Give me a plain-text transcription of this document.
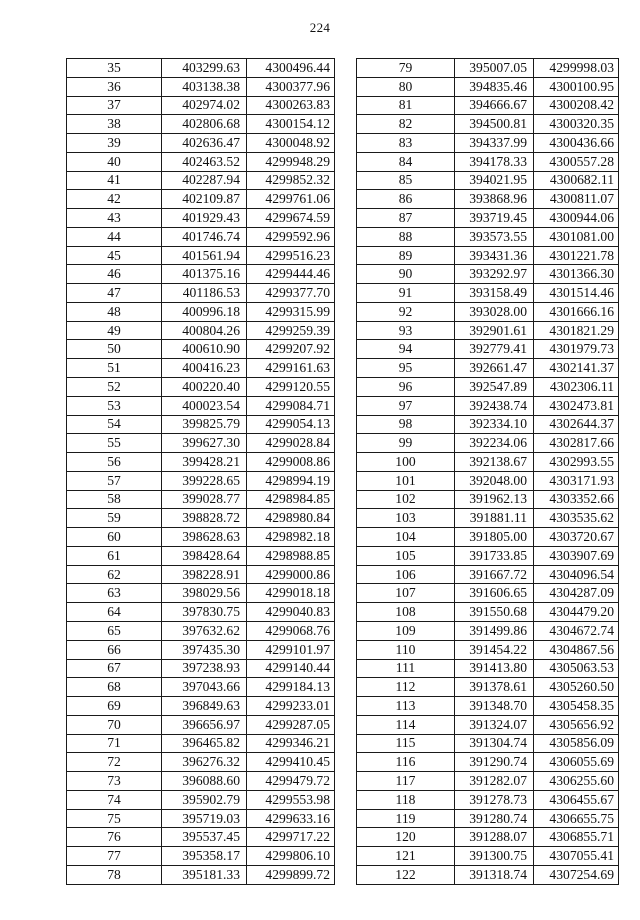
224
35	403299.63	4300496.44
36	403138.38	4300377.96
37	402974.02	4300263.83
38	402806.68	4300154.12
39	402636.47	4300048.92
40	402463.52	4299948.29
41	402287.94	4299852.32
42	402109.87	4299761.06
43	401929.43	4299674.59
44	401746.74	4299592.96
45	401561.94	4299516.23
46	401375.16	4299444.46
47	401186.53	4299377.70
48	400996.18	4299315.99
49	400804.26	4299259.39
50	400610.90	4299207.92
51	400416.23	4299161.63
52	400220.40	4299120.55
53	400023.54	4299084.71
54	399825.79	4299054.13
55	399627.30	4299028.84
56	399428.21	4299008.86
57	399228.65	4298994.19
58	399028.77	4298984.85
59	398828.72	4298980.84
60	398628.63	4298982.18
61	398428.64	4298988.85
62	398228.91	4299000.86
63	398029.56	4299018.18
64	397830.75	4299040.83
65	397632.62	4299068.76
66	397435.30	4299101.97
67	397238.93	4299140.44
68	397043.66	4299184.13
69	396849.63	4299233.01
70	396656.97	4299287.05
71	396465.82	4299346.21
72	396276.32	4299410.45
73	396088.60	4299479.72
74	395902.79	4299553.98
75	395719.03	4299633.16
76	395537.45	4299717.22
77	395358.17	4299806.10
78	395181.33	4299899.72
79	395007.05	4299998.03
80	394835.46	4300100.95
81	394666.67	4300208.42
82	394500.81	4300320.35
83	394337.99	4300436.66
84	394178.33	4300557.28
85	394021.95	4300682.11
86	393868.96	4300811.07
87	393719.45	4300944.06
88	393573.55	4301081.00
89	393431.36	4301221.78
90	393292.97	4301366.30
91	393158.49	4301514.46
92	393028.00	4301666.16
93	392901.61	4301821.29
94	392779.41	4301979.73
95	392661.47	4302141.37
96	392547.89	4302306.11
97	392438.74	4302473.81
98	392334.10	4302644.37
99	392234.06	4302817.66
100	392138.67	4302993.55
101	392048.00	4303171.93
102	391962.13	4303352.66
103	391881.11	4303535.62
104	391805.00	4303720.67
105	391733.85	4303907.69
106	391667.72	4304096.54
107	391606.65	4304287.09
108	391550.68	4304479.20
109	391499.86	4304672.74
110	391454.22	4304867.56
111	391413.80	4305063.53
112	391378.61	4305260.50
113	391348.70	4305458.35
114	391324.07	4305656.92
115	391304.74	4305856.09
116	391290.74	4306055.69
117	391282.07	4306255.60
118	391278.73	4306455.67
119	391280.74	4306655.75
120	391288.07	4306855.71
121	391300.75	4307055.41
122	391318.74	4307254.69
